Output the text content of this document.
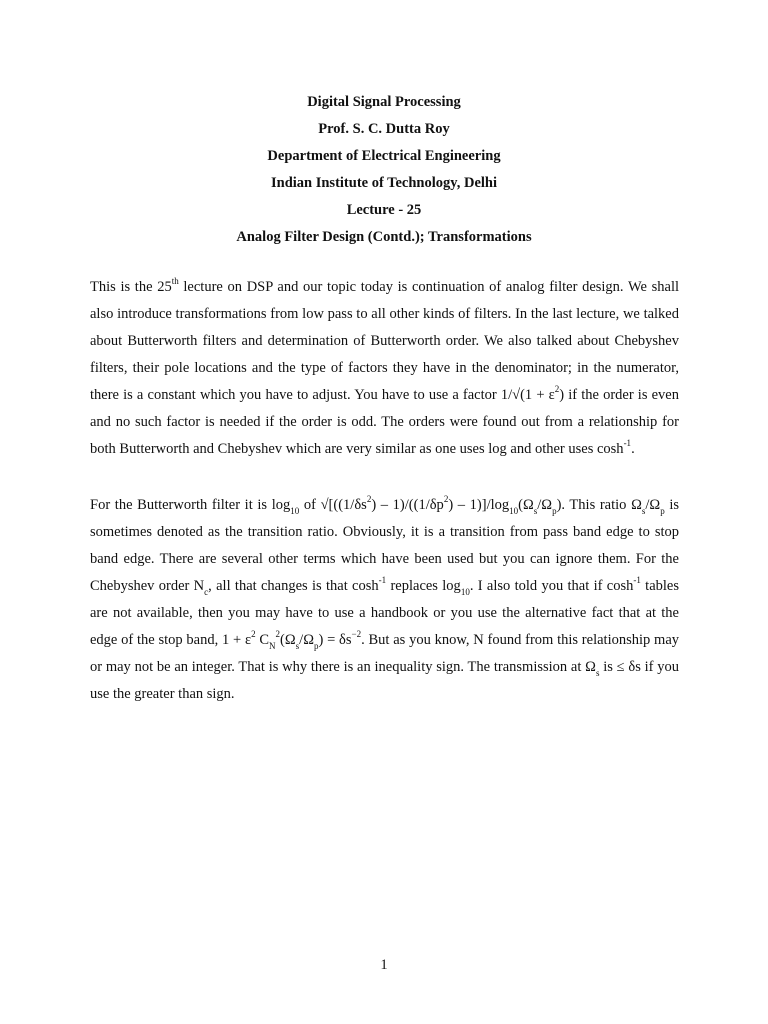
Digital Signal Processing
Prof. S. C. Dutta Roy
Department of Electrical Engineering
Indian Institute of Technology, Delhi
Lecture - 25
Analog Filter Design (Contd.); Transformations

This is the 25th lecture on DSP and our topic today is continuation of analog filter design. We shall also introduce transformations from low pass to all other kinds of filters. In the last lecture, we talked about Butterworth filters and determination of Butterworth order. We also talked about Chebyshev filters, their pole locations and the type of factors they have in the denominator; in the numerator, there is a constant which you have to adjust. You have to use a factor $1/√(1 + \varepsilon^2)$ if the order is even and no such factor is needed if the order is odd. The orders were found out from a relationship for both Butterworth and Chebyshev which are very similar as one uses log and other uses $\cosh^{-1}$.

For the Butterworth filter it is $\log_{10}$ of $√[((1/\delta s^2) - 1)/((1/\delta p^2) - 1)]/\log_{10}(\Omega_s/\Omega_p)$. This ratio $\Omega_s/\Omega_p$ is sometimes denoted as the transition ratio. Obviously, it is a transition from pass band edge to stop band edge. There are several other terms which have been used but you can ignore them. For the Chebyshev order $N_c$, all that changes is that $\cosh^{-1}$ replaces $\log_{10}$. I also told you that if $\cosh^{-1}$ tables are not available, then you may have to use a handbook or you use the alternative fact that at the edge of the stop band, $1 + \varepsilon^2$ $C_N^2(\Omega_s/\Omega_p) = \delta s^{-2}$. But as you know, N found from this relationship may or may not be an integer. That is why there is an inequality sign. The transmission at $\Omega_s$ is ≤ δs if you use the greater than sign.

1
